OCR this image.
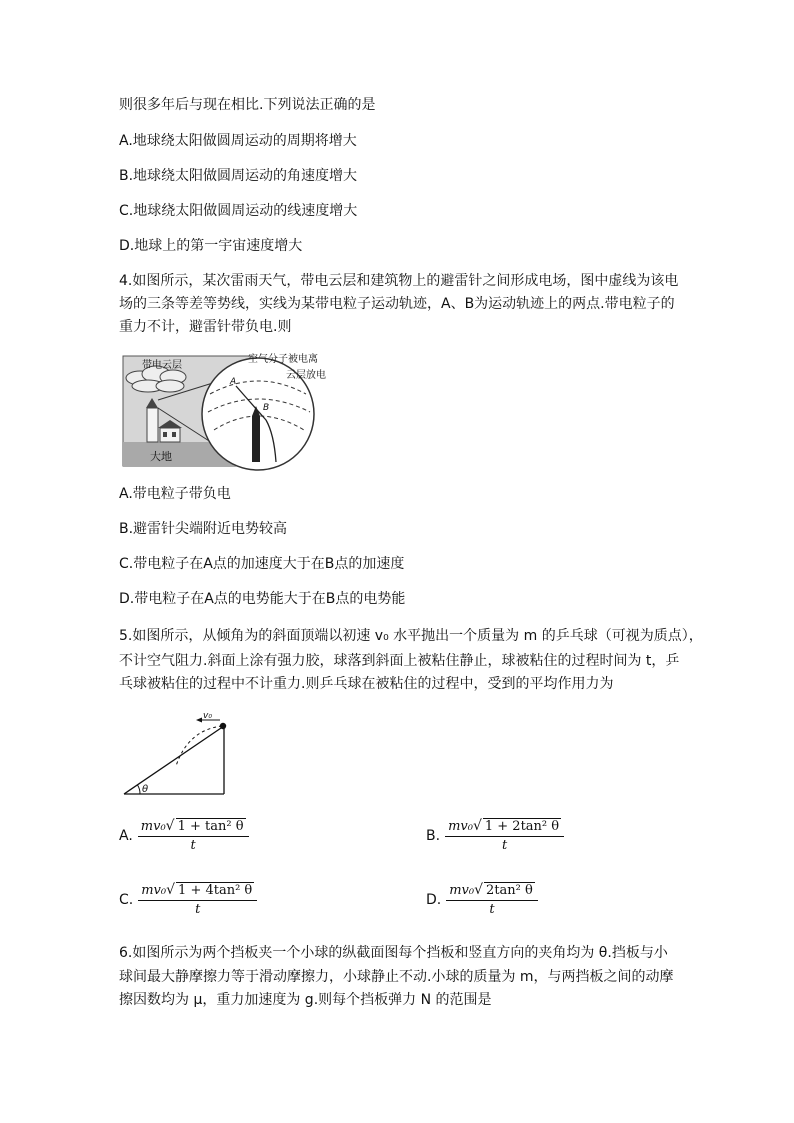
则很多年后与现在相比.下列说法正确的是
A.地球绕太阳做圆周运动的周期将增大
B.地球绕太阳做圆周运动的角速度增大
C.地球绕太阳做圆周运动的线速度增大
D.地球上的第一宇宙速度增大
4.如图所示，某次雷雨天气，带电云层和建筑物上的避雷针之间形成电场，图中虚线为该电
场的三条等差等势线，实线为某带电粒子运动轨迹，A、B为运动轨迹上的两点.带电粒子的
重力不计，避雷针带负电.则
带电云层
空气分子被电离
云层放电
大地
A
B
A.带电粒子带负电
B.避雷针尖端附近电势较高
C.带电粒子在A点的加速度大于在B点的加速度
D.带电粒子在A点的电势能大于在B点的电势能
5.如图所示，从倾角为的斜面顶端以初速 v₀ 水平抛出一个质量为 m 的乒乓球（可视为质点），
不计空气阻力.斜面上涂有强力胶，球落到斜面上被粘住静止，球被粘住的过程时间为 t，乒
乓球被粘住的过程中不计重力.则乒乓球在被粘住的过程中，受到的平均作用力为
v₀
θ
A. $\frac{\text{mv₀√ 1 + tan² θ}}{t}$	B. $\frac{\text{mv₀√ 1 + 2tan² θ}}{t}$
C. $\frac{\text{mv₀√ 1 + 4tan² θ}}{t}$	D. $\frac{\text{mv₀√ 2tan² θ}}{t}$
6.如图所示为两个挡板夹一个小球的纵截面图每个挡板和竖直方向的夹角均为 θ.挡板与小
球间最大静摩擦力等于滑动摩擦力，小球静止不动.小球的质量为 m，与两挡板之间的动摩
擦因数均为 μ，重力加速度为 g.则每个挡板弹力 N 的范围是
